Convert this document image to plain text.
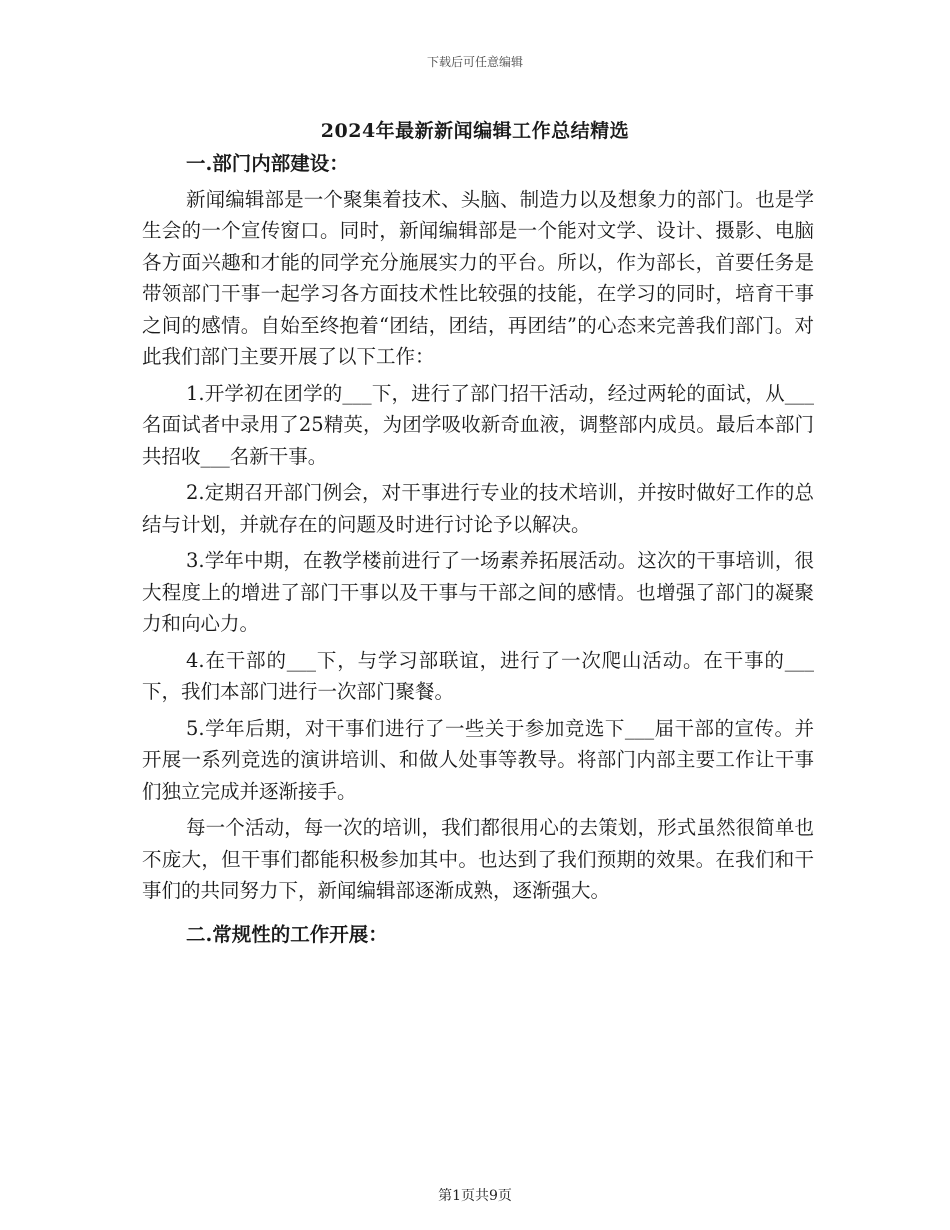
下载后可任意编辑
2024年最新新闻编辑工作总结精选

一.部门内部建设：

新闻编辑部是一个聚集着技术、头脑、制造力以及想象力的部门。也是学生会的一个宣传窗口。同时，新闻编辑部是一个能对文学、设计、摄影、电脑各方面兴趣和才能的同学充分施展实力的平台。所以，作为部长，首要任务是带领部门干事一起学习各方面技术性比较强的技能，在学习的同时，培育干事之间的感情。自始至终抱着“团结，团结，再团结”的心态来完善我们部门。对此我们部门主要开展了以下工作：

1.开学初在团学的___下，进行了部门招干活动，经过两轮的面试，从___名面试者中录用了25精英，为团学吸收新奇血液，调整部内成员。最后本部门共招收___名新干事。

2.定期召开部门例会，对干事进行专业的技术培训，并按时做好工作的总结与计划，并就存在的问题及时进行讨论予以解决。

3.学年中期，在教学楼前进行了一场素养拓展活动。这次的干事培训，很大程度上的增进了部门干事以及干事与干部之间的感情。也增强了部门的凝聚力和向心力。

4.在干部的___下，与学习部联谊，进行了一次爬山活动。在干事的___下，我们本部门进行一次部门聚餐。

5.学年后期，对干事们进行了一些关于参加竞选下___届干部的宣传。并开展一系列竞选的演讲培训、和做人处事等教导。将部门内部主要工作让干事们独立完成并逐渐接手。

每一个活动，每一次的培训，我们都很用心的去策划，形式虽然很简单也不庞大，但干事们都能积极参加其中。也达到了我们预期的效果。在我们和干事们的共同努力下，新闻编辑部逐渐成熟，逐渐强大。

二.常规性的工作开展：

第1页共9页
